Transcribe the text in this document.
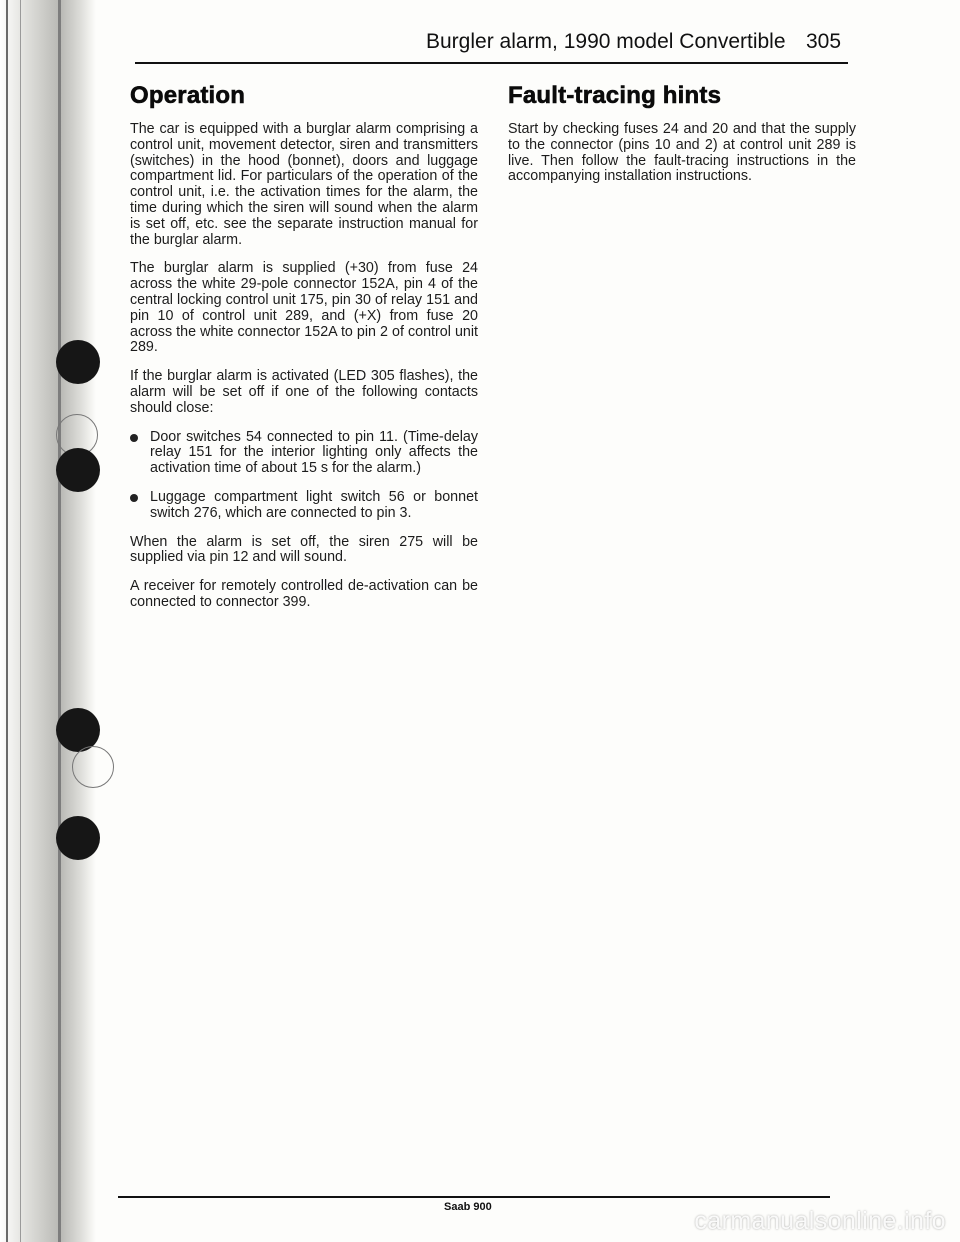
Burgler alarm, 1990 model Convertible 305
Operation

The car is equipped with a burglar alarm comprising a control unit, movement detector, siren and transmitters (switches) in the hood (bonnet), doors and luggage compartment lid. For particulars of the operation of the control unit, i.e. the activation times for the alarm, the time during which the siren will sound when the alarm is set off, etc. see the separate instruction manual for the burglar alarm.

The burglar alarm is supplied (+30) from fuse 24 across the white 29-pole connector 152A, pin 4 of the central locking control unit 175, pin 30 of relay 151 and pin 10 of control unit 289, and (+X) from fuse 20 across the white connector 152A to pin 2 of control unit 289.

If the burglar alarm is activated (LED 305 flashes), the alarm will be set off if one of the following contacts should close:

Door switches 54 connected to pin 11. (Time-delay relay 151 for the interior lighting only affects the activation time of about 15 s for the alarm.)
Luggage compartment light switch 56 or bonnet switch 276, which are connected to pin 3.

When the alarm is set off, the siren 275 will be supplied via pin 12 and will sound.

A receiver for remotely controlled de-activation can be connected to connector 399.

Fault-tracing hints

Start by checking fuses 24 and 20 and that the supply to the connector (pins 10 and 2) at control unit 289 is live. Then follow the fault-tracing instructions in the accompanying installation instructions.

Saab 900	carmanualsonline.info
